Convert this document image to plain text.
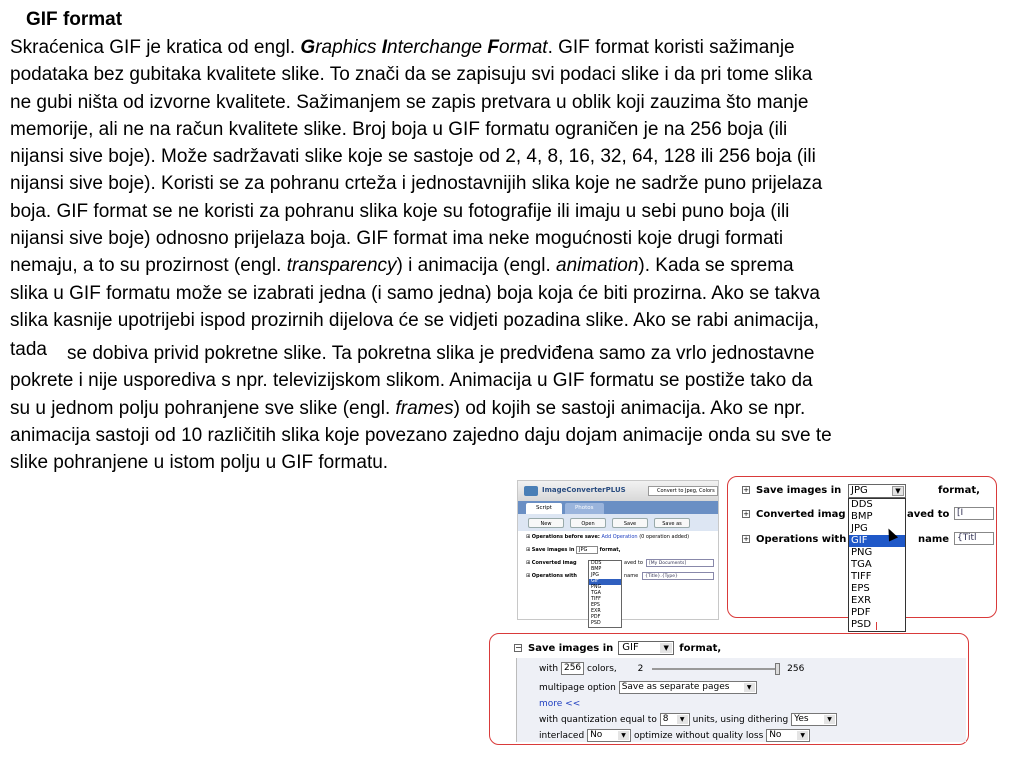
GIF format
Skraćenica GIF je kratica od engl. Graphics Interchange Format. GIF format koristi sažimanje
podataka bez gubitaka kvalitete slike. To znači da se zapisuju svi podaci slike i da pri tome slika
ne gubi ništa od izvorne kvalitete. Sažimanjem se zapis pretvara u oblik koji zauzima što manje
memorije, ali ne na račun kvalitete slike. Broj boja u GIF formatu ograničen je na 256 boja (ili
nijansi sive boje). Može sadržavati slike koje se sastoje od 2, 4, 8, 16, 32, 64, 128 ili 256 boja (ili
nijansi sive boje). Koristi se za pohranu crteža i jednostavnijih slika koje ne sadrže puno prijelaza
boja. GIF format se ne koristi za pohranu slika koje su fotografije ili imaju u sebi puno boja (ili
nijansi sive boje) odnosno prijelaza boja. GIF format ima neke mogućnosti koje drugi formati
nemaju, a to su prozirnost (engl. transparency) i animacija (engl. animation). Kada se sprema
slika u GIF formatu može se izabrati jedna (i samo jedna) boja koja će biti prozirna. Ako se takva
slika kasnije upotrijebi ispod prozirnih dijelova će se vidjeti pozadina slike. Ako se rabi animacija,
tada	se dobiva privid pokretne slike. Ta pokretna slika je predviđena samo za vrlo jednostavne
pokrete i nije usporediva s npr. televizijskom slikom. Animacija u GIF formatu se postiže tako da
su u jednom polju pohranjene sve slike (engl. frames) od kojih se sastoji animacija. Ako se npr.
animacija sastoji od 10 različitih slika koje povezano zajedno daju dojam animacije onda su sve te
slike pohranjene u istom polju u GIF formatu.
ImageConverterPLUS	Convert to Jpeg, Colors
Script	Photos
New	Open	Save	Save as
⊞ Operations before save: Add Operation (0 operation added)
⊞ Save images in JPG format,
⊞ Converted imag	aved to	[My Documents]
⊞ Operations with	name	{Title}.{Type}
DDS
BMP
JPG
GIF
PNG
TGA
TIFF
EPS
EXR
PDF
PSD
+ Save images in	format,
JPG	▼
+ Converted imag	aved to [I
+ Operations with	name {Titl
DDS
BMP
JPG
GIF
PNG
TGA
TIFF
EPS
EXR
PDF
PSD
− Save images in GIF	▼	format,
with 256 colors, 2	256
multipage option Save as separate pages	▼
more <<
with quantization equal to 8	▼ units, using dithering Yes	▼
interlaced No	▼ optimize without quality loss No	▼
